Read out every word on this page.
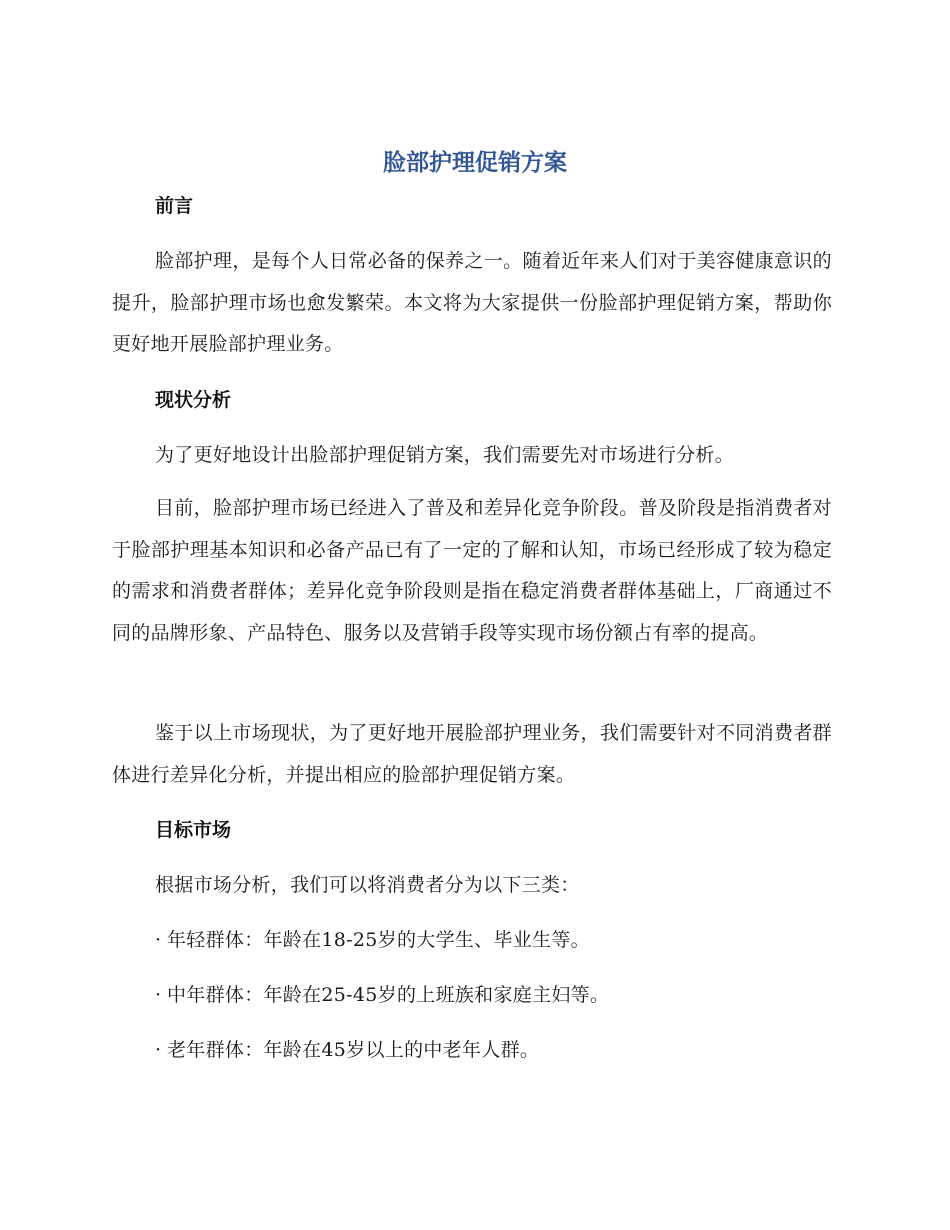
脸部护理促销方案
前言
脸部护理，是每个人日常必备的保养之一。随着近年来人们对于美容健康意识的提升，脸部护理市场也愈发繁荣。本文将为大家提供一份脸部护理促销方案，帮助你更好地开展脸部护理业务。
现状分析
为了更好地设计出脸部护理促销方案，我们需要先对市场进行分析。
目前，脸部护理市场已经进入了普及和差异化竞争阶段。普及阶段是指消费者对于脸部护理基本知识和必备产品已有了一定的了解和认知，市场已经形成了较为稳定的需求和消费者群体；差异化竞争阶段则是指在稳定消费者群体基础上，厂商通过不同的品牌形象、产品特色、服务以及营销手段等实现市场份额占有率的提高。
鉴于以上市场现状，为了更好地开展脸部护理业务，我们需要针对不同消费者群体进行差异化分析，并提出相应的脸部护理促销方案。
目标市场
根据市场分析，我们可以将消费者分为以下三类：
· 年轻群体：年龄在18-25岁的大学生、毕业生等。
· 中年群体：年龄在25-45岁的上班族和家庭主妇等。
· 老年群体：年龄在45岁以上的中老年人群。
